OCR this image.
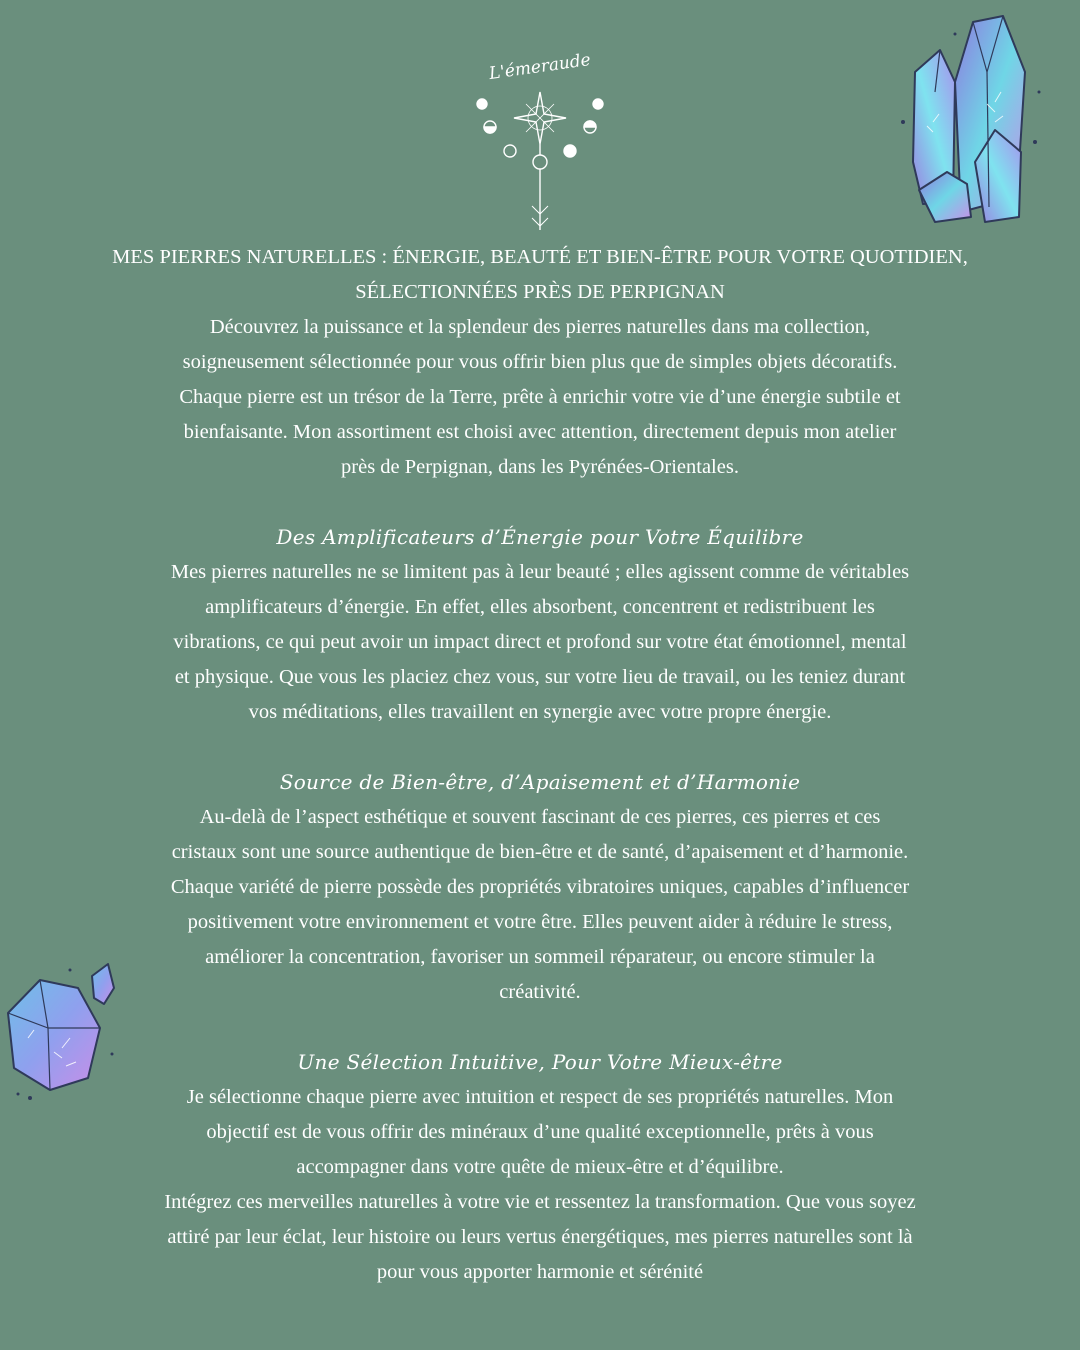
L'émeraude

MES PIERRES NATURELLES : ÉNERGIE, BEAUTÉ ET BIEN-ÊTRE POUR VOTRE QUOTIDIEN,

SÉLECTIONNÉES PRÈS DE PERPIGNAN

Découvrez la puissance et la splendeur des pierres naturelles dans ma collection,

soigneusement sélectionnée pour vous offrir bien plus que de simples objets décoratifs.

Chaque pierre est un trésor de la Terre, prête à enrichir votre vie d’une énergie subtile et

bienfaisante. Mon assortiment est choisi avec attention, directement depuis mon atelier

près de Perpignan, dans les Pyrénées-Orientales.

Des Amplificateurs d’Énergie pour Votre Équilibre

Mes pierres naturelles ne se limitent pas à leur beauté ; elles agissent comme de véritables

amplificateurs d’énergie. En effet, elles absorbent, concentrent et redistribuent les

vibrations, ce qui peut avoir un impact direct et profond sur votre état émotionnel, mental

et physique. Que vous les placiez chez vous, sur votre lieu de travail, ou les teniez durant

vos méditations, elles travaillent en synergie avec votre propre énergie.

Source de Bien-être, d’Apaisement et d’Harmonie

Au-delà de l’aspect esthétique et souvent fascinant de ces pierres, ces pierres et ces

cristaux sont une source authentique de bien-être et de santé, d’apaisement et d’harmonie.

Chaque variété de pierre possède des propriétés vibratoires uniques, capables d’influencer

positivement votre environnement et votre être. Elles peuvent aider à réduire le stress,

améliorer la concentration, favoriser un sommeil réparateur, ou encore stimuler la

créativité.

Une Sélection Intuitive, Pour Votre Mieux-être

Je sélectionne chaque pierre avec intuition et respect de ses propriétés naturelles. Mon

objectif est de vous offrir des minéraux d’une qualité exceptionnelle, prêts à vous

accompagner dans votre quête de mieux-être et d’équilibre.

Intégrez ces merveilles naturelles à votre vie et ressentez la transformation. Que vous soyez

attiré par leur éclat, leur histoire ou leurs vertus énergétiques, mes pierres naturelles sont là

pour vous apporter harmonie et sérénité
